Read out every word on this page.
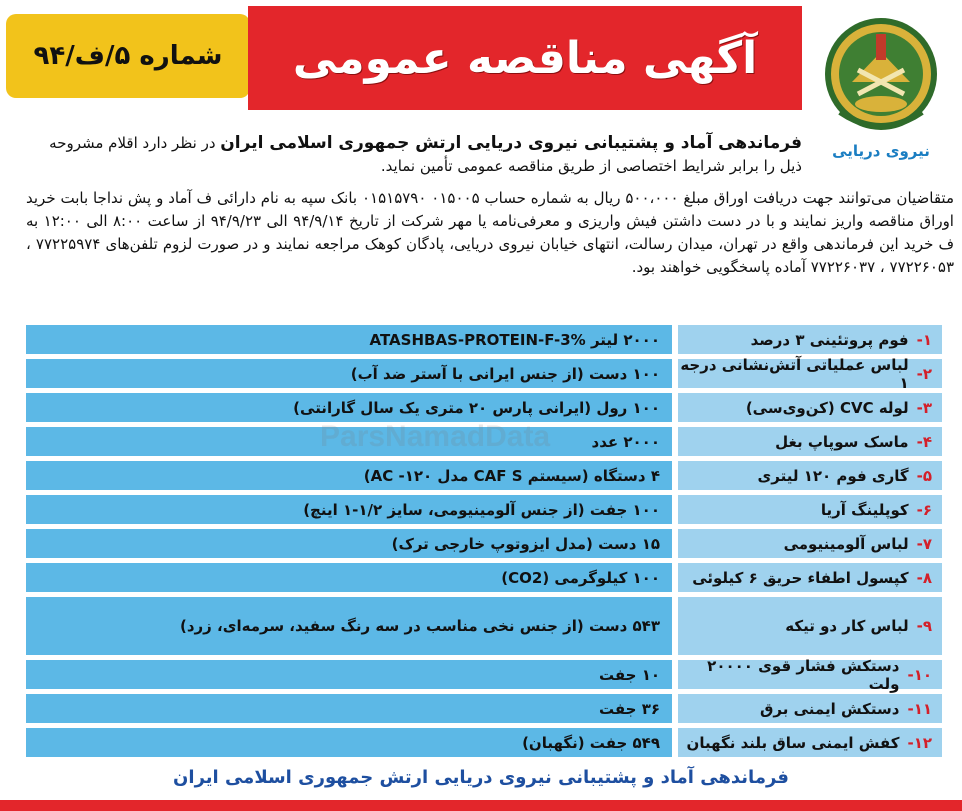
شماره ۵/ف/۹۴ آگهی مناقصه عمومی
نیروی دریایی
فرماندهی آماد و پشتیبانی نیروی دریایی ارتش جمهوری اسلامی ایران در نظر دارد اقلام مشروحه ذیل را برابر شرایط اختصاصی از طریق مناقصه عمومی تأمین نماید.
متقاضیان می‌توانند جهت دریافت اوراق مبلغ ۵۰۰،۰۰۰ ریال به شماره حساب ۰۱۵۰۰۵ ۰۱۵۱۵۷۹۰ بانک سپه به نام دارائی ف آماد و پش نداجا بابت خرید اوراق مناقصه واریز نمایند و با در دست داشتن فیش واریزی و معرفی‌نامه یا مهر شرکت از تاریخ ۹۴/۹/۱۴ الی ۹۴/۹/۲۳ از ساعت ۸:۰۰ الی ۱۲:۰۰ به ف خرید این فرماندهی واقع در تهران، میدان رسالت، انتهای خیابان نیروی دریایی، پادگان کوهک مراجعه نمایند و در صورت لزوم تلفن‌های ۷۷۲۲۵۹۷۴ ، ۷۷۲۲۶۰۵۳ ، ۷۷۲۲۶۰۳۷ آماده پاسخگویی خواهند بود.
۱-
فوم پروتئینی ۳ درصد
۲۰۰۰ لیتر ATASHBAS-PROTEIN-F-3%
۲-
لباس عملیاتی آتش‌نشانی درجه ۱
۱۰۰ دست (از جنس ایرانی با آستر ضد آب)
۳-
لوله CVC (کن‌وی‌سی)
۱۰۰ رول (ایرانی پارس ۲۰ متری یک سال گارانتی)
۴-
ماسک سوپاپ بغل
۲۰۰۰ عدد
۵-
گاری فوم ۱۲۰ لیتری
۴ دستگاه (سیستم CAF S مدل ۱۲۰- AC)
۶-
کوپلینگ آریا
۱۰۰ جفت (از جنس آلومینیومی، سایز ۱/۲-۱ اینچ)
۷-
لباس آلومینیومی
۱۵ دست (مدل ایزوتوپ خارجی ترک)
۸-
کپسول اطفاء حریق ۶ کیلوئی
۱۰۰ کیلوگرمی (CO2)
۹-
لباس کار دو تیکه
۵۴۳ دست (از جنس نخی مناسب در سه رنگ سفید، سرمه‌ای، زرد)
۱۰-
دستکش فشار قوی ۲۰۰۰۰ ولت
۱۰ جفت
۱۱-
دستکش ایمنی برق
۳۶ جفت
۱۲-
کفش ایمنی ساق بلند نگهبان
۵۴۹ جفت (نگهبان)
فرماندهی آماد و پشتیبانی نیروی دریایی ارتش جمهوری اسلامی ایران
